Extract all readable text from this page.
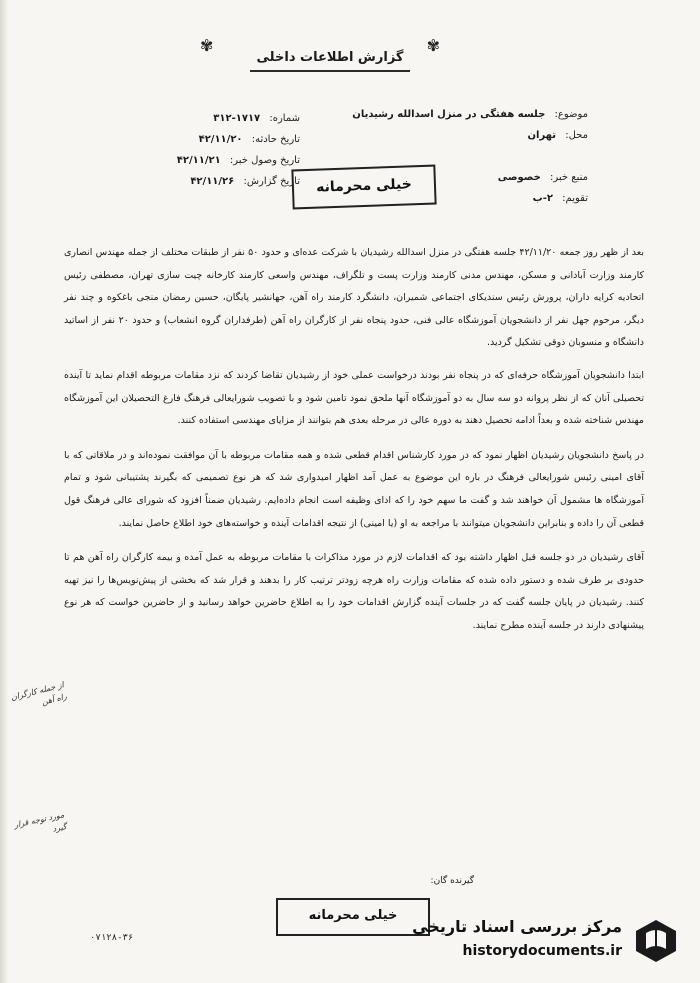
✾	✾
گزارش اطلاعات داخلی
موضوع: جلسه هفتگی در منزل اسدالله رشیدیان
محل: تهران

منبع خبر: خصوصی
تقویم: ۲-ب
شماره: ۱۷۱۷-۳۱۲
تاریخ حادثه: ۴۲/۱۱/۲۰
تاریخ وصول خبر: ۴۲/۱۱/۲۱
تاریخ گزارش: ۴۲/۱۱/۲۶	خیلی محرمانه

بعد از ظهر روز جمعه ۴۲/۱۱/۲۰ جلسه هفتگی در منزل اسدالله رشیدیان با شرکت عده‌ای و حدود ۵۰ نفر از طبقات مختلف از جمله مهندس انصاری کارمند وزارت آبادانی و مسکن، مهندس مدنی کارمند وزارت پست و تلگراف، مهندس واسعی کارمند کارخانه چیت سازی تهران، مصطفی رئیس اتحادیه کرایه داران، پرورش رئیس سندیکای اجتماعی شمیران، دانشگرد کارمند راه آهن، جهانشیر پایگان، حسین رمضان منجی باغکوه و چند نفر دیگر، مرحوم جهل نفر از دانشجویان آموزشگاه عالی فنی، حدود پنجاه نفر از کارگران راه آهن (طرفداران گروه انشعاب) و حدود ۲۰ نفر از اساتید دانشگاه و منسوبان ذوقی تشکیل گردید.

ابتدا دانشجویان آموزشگاه حرفه‌ای که در پنجاه نفر بودند درخواست عملی خود از رشیدیان تقاضا کردند که نزد مقامات مربوطه اقدام نماید تا آینده تحصیلی آنان که از نظر پروانه دو سه سال به دو آموزشگاه آنها ملحق نمود تامین شود و با تصویب شورایعالی فرهنگ فارغ التحصیلان این آموزشگاه مهندس شناخته شده و بعداً ادامه تحصیل دهند به دوره عالی در مرحله بعدی هم بتوانند از مزایای مهندسی استفاده کنند.

در پاسخ دانشجویان رشیدیان اظهار نمود که در مورد کارشناس اقدام قطعی شده و همه مقامات مربوطه با آن موافقت نموده‌اند و در ملاقاتی که با آقای امینی رئیس شورایعالی فرهنگ در باره این موضوع به عمل آمد اظهار امیدواری شد که هر نوع تصمیمی که بگیرند پشتیبانی شود و تمام آموزشگاه ها مشمول آن خواهند شد و گفت ما سهم خود را که ادای وظیفه است انجام داده‌ایم. رشیدیان ضمناً افزود که شورای عالی فرهنگ قول قطعی آن را داده و بنابراین دانشجویان میتوانند با مراجعه به او (یا امینی) از نتیجه اقدامات آینده و خواسته‌های خود اطلاع حاصل نمایند.

آقای رشیدیان در دو جلسه قبل اظهار داشته بود که اقدامات لازم در مورد مذاکرات با مقامات مربوطه به عمل آمده و بیمه کارگران راه آهن هم تا حدودی بر طرف شده و دستور داده شده که مقامات وزارت راه هرچه زودتر ترتیب کار را بدهند و قرار شد که بخشی از پیش‌نویس‌ها را نیز تهیه کنند. رشیدیان در پایان جلسه گفت که در جلسات آینده گزارش اقدامات خود را به اطلاع حاضرین خواهد رسانید و از حاضرین خواست که هر نوع پیشنهادی دارند در جلسه آینده مطرح نمایند.

از جمله کارگران راه آهن
مورد توجه قرار گیرد
گیرنده گان:
خیلی محرمانه
۰۷۱۲۸-۳۶
مرکز بررسی اسناد تاریخی
historydocuments.ir
